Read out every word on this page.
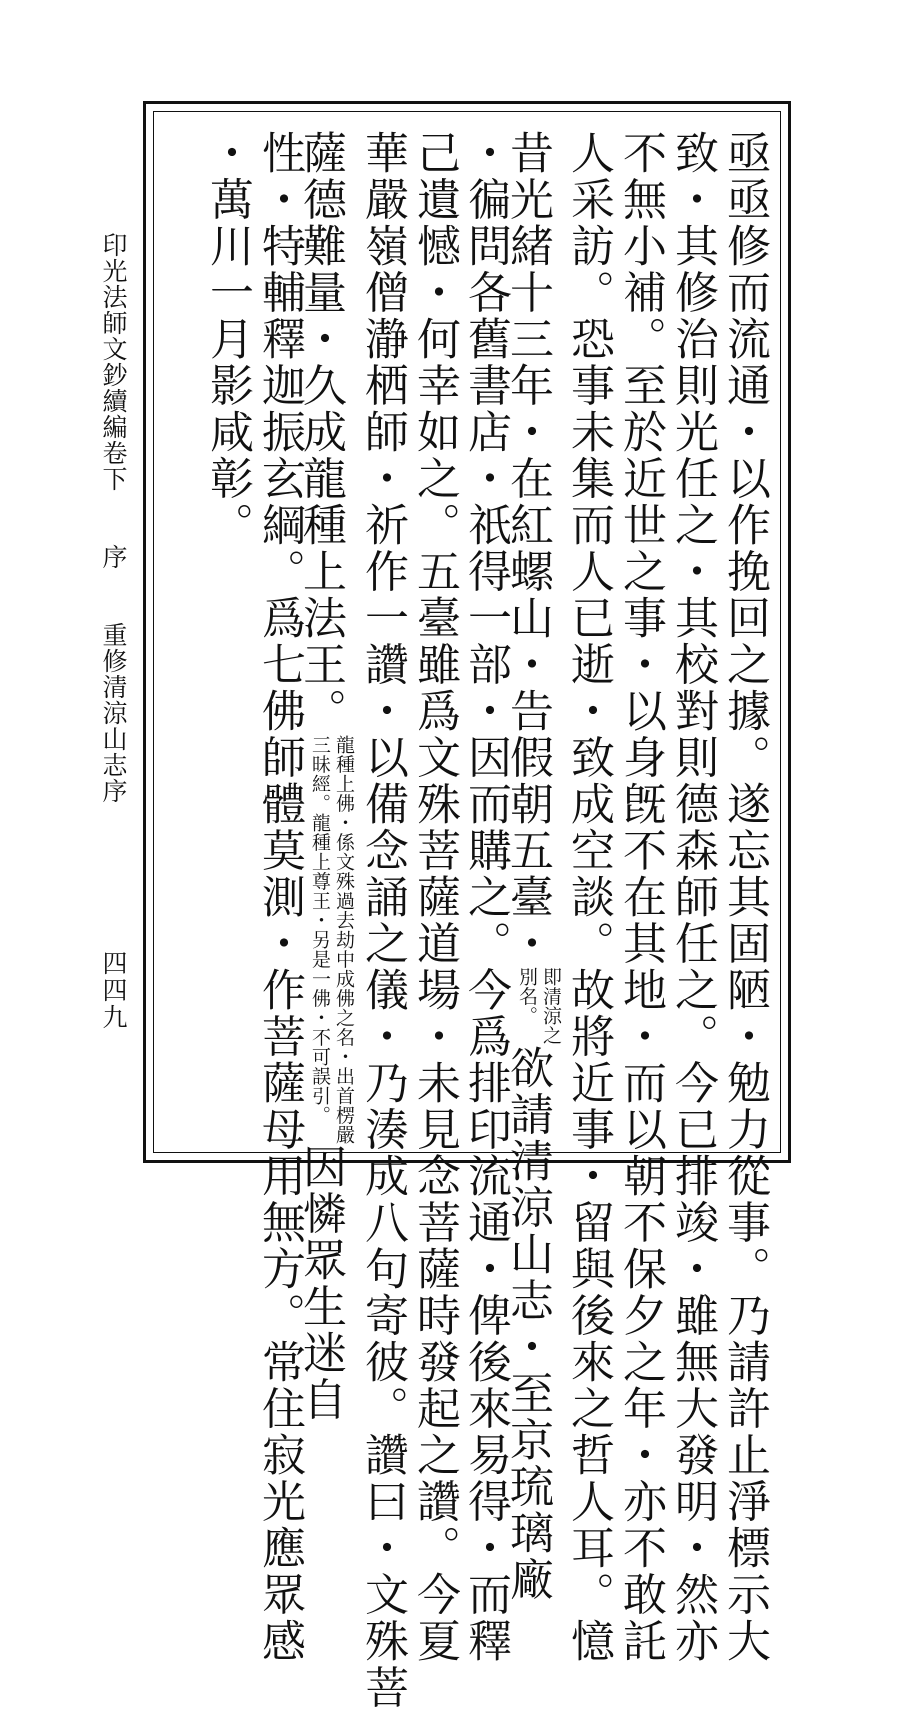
印光法師文鈔續編卷下　　序　　重修清涼山志序
四四九	亟亟修而流通・以作挽回之據。遂忘其固陋・勉力從事。乃請許止淨標示大
致・其修治則光任之・其校對則德森師任之。今已排竣・雖無大發明・然亦
不無小補。至於近世之事・以身旣不在其地・而以朝不保夕之年・亦不敢託
人采訪。恐事未集而人已逝・致成空談。故將近事・留與後來之哲人耳。憶
昔光緒十三年・在紅螺山・告假朝五臺・
即清涼之
別名。
欲請清涼山志・至京琉璃廠
・徧問各舊書店・祇得一部・因而購之。今爲排印流通・俾後來易得・而釋
己遺憾・何幸如之。五臺雖爲文殊菩薩道場・未見念菩薩時發起之讚。今夏
華嚴嶺僧瀞栖師・祈作一讚・以備念誦之儀・乃湊成八句寄彼。讚曰・文殊菩
薩德難量・久成龍種上法王。
龍種上佛・係文殊過去劫中成佛之名・出首楞嚴
三昧經。龍種上尊王・另是一佛・不可誤引。
因憐眾生迷自
性・特輔釋迦振玄綱。爲七佛師體莫測・作菩薩母用無方。常住寂光應眾感
・萬川一月影咸彰。
